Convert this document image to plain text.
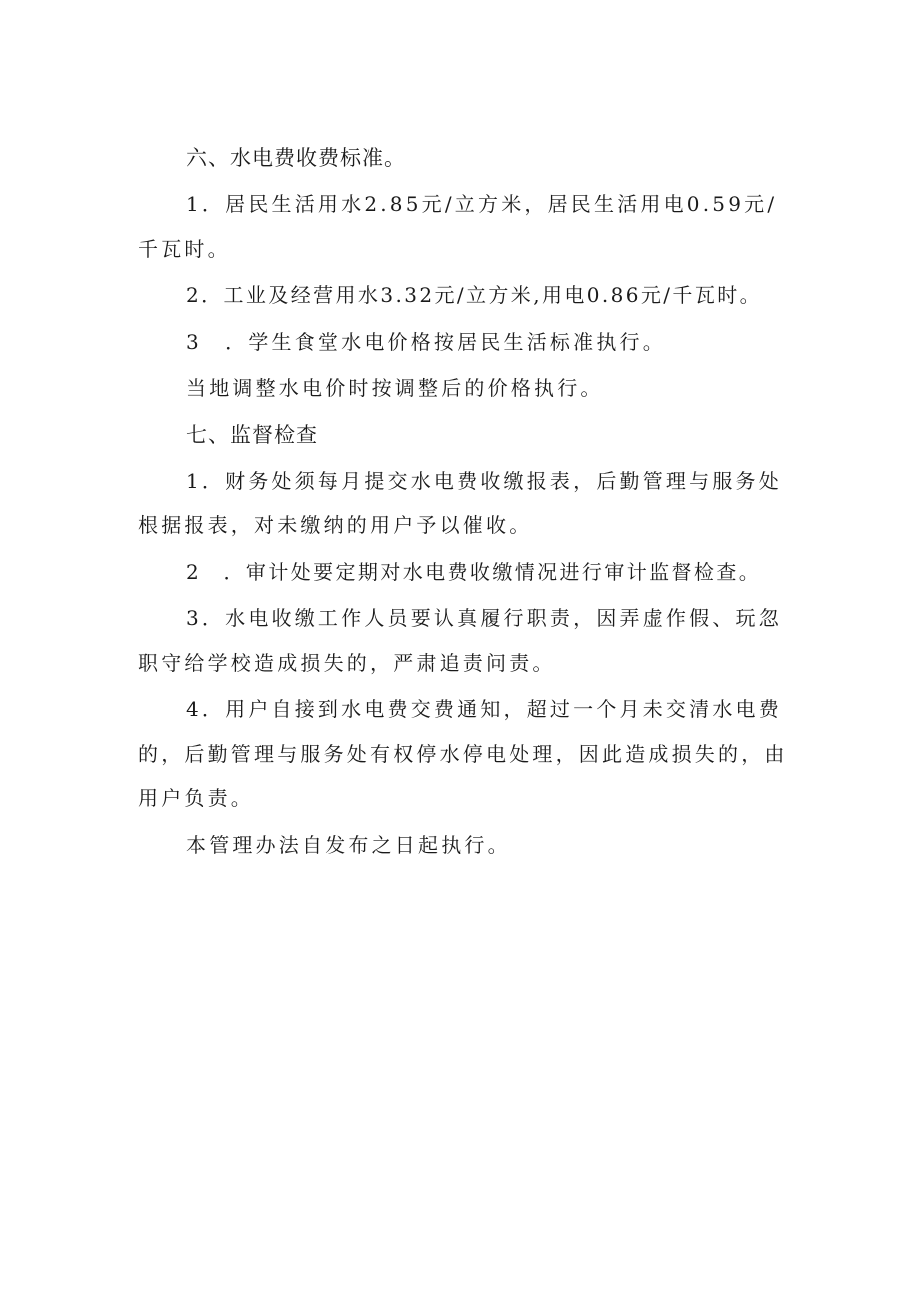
六、水电费收费标准。

1．居民生活用水2.85元/立方米，居民生活用电0.59元/千瓦时。

2．工业及经营用水3.32元/立方米,用电0.86元/千瓦时。

3　．学生食堂水电价格按居民生活标准执行。

当地调整水电价时按调整后的价格执行。

七、监督检查

1．财务处须每月提交水电费收缴报表，后勤管理与服务处根据报表，对未缴纳的用户予以催收。

2　．审计处要定期对水电费收缴情况进行审计监督检查。

3．水电收缴工作人员要认真履行职责，因弄虚作假、玩忽职守给学校造成损失的，严肃追责问责。

4．用户自接到水电费交费通知，超过一个月未交清水电费的，后勤管理与服务处有权停水停电处理，因此造成损失的，由用户负责。

本管理办法自发布之日起执行。
